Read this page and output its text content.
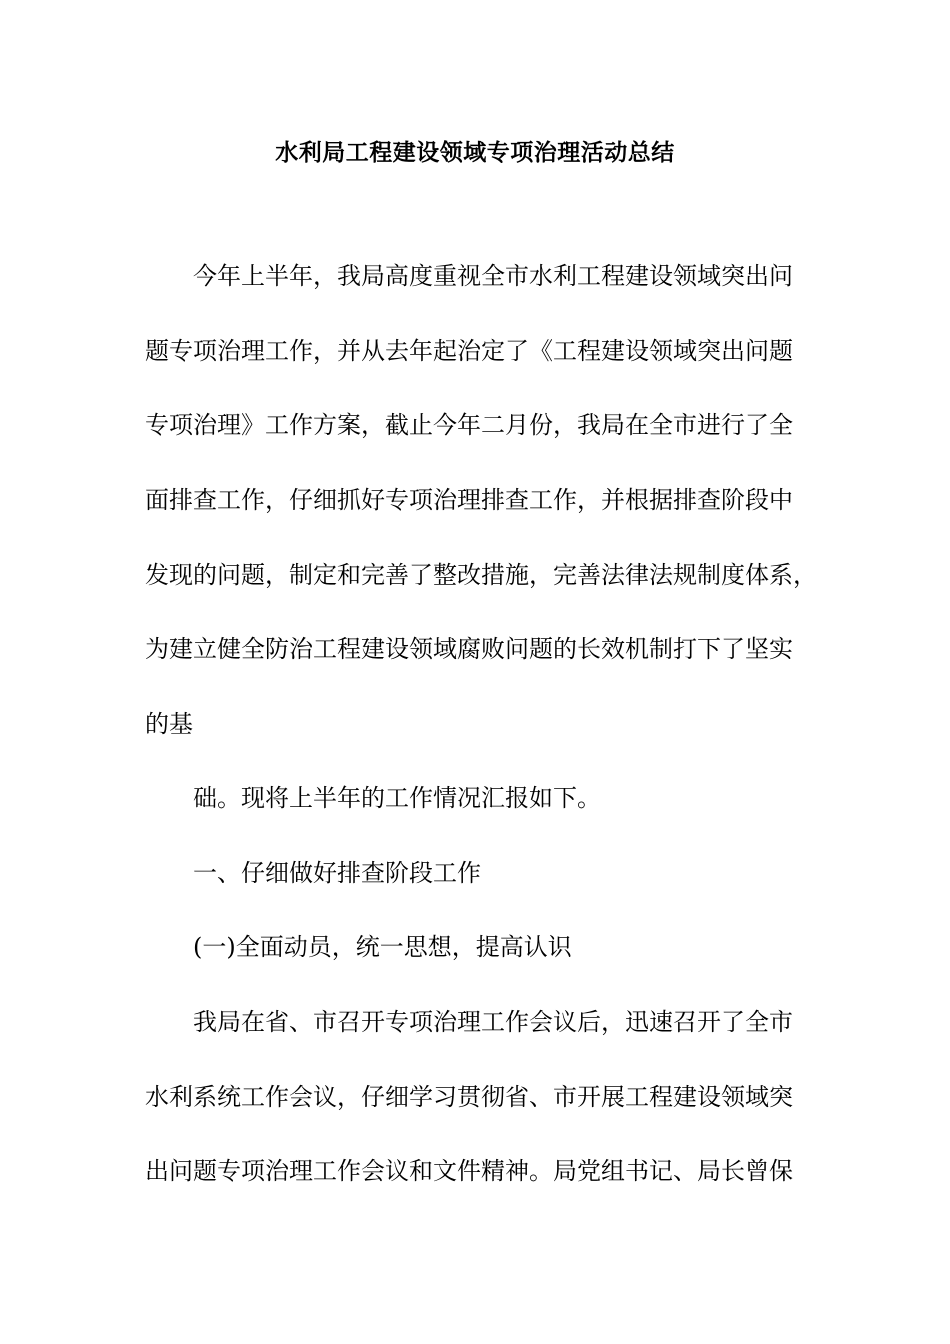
水利局工程建设领域专项治理活动总结
今年上半年，我局高度重视全市水利工程建设领域突出问
题专项治理工作，并从去年起治定了《工程建设领域突出问题
专项治理》工作方案，截止今年二月份，我局在全市进行了全
面排查工作，仔细抓好专项治理排查工作，并根据排查阶段中
发现的问题，制定和完善了整改措施，完善法律法规制度体系，
为建立健全防治工程建设领域腐败问题的长效机制打下了坚实
的基
础。现将上半年的工作情况汇报如下。
一、仔细做好排查阶段工作
(一)全面动员，统一思想，提高认识
我局在省、市召开专项治理工作会议后，迅速召开了全市
水利系统工作会议，仔细学习贯彻省、市开展工程建设领域突
出问题专项治理工作会议和文件精神。局党组书记、局长曾保
